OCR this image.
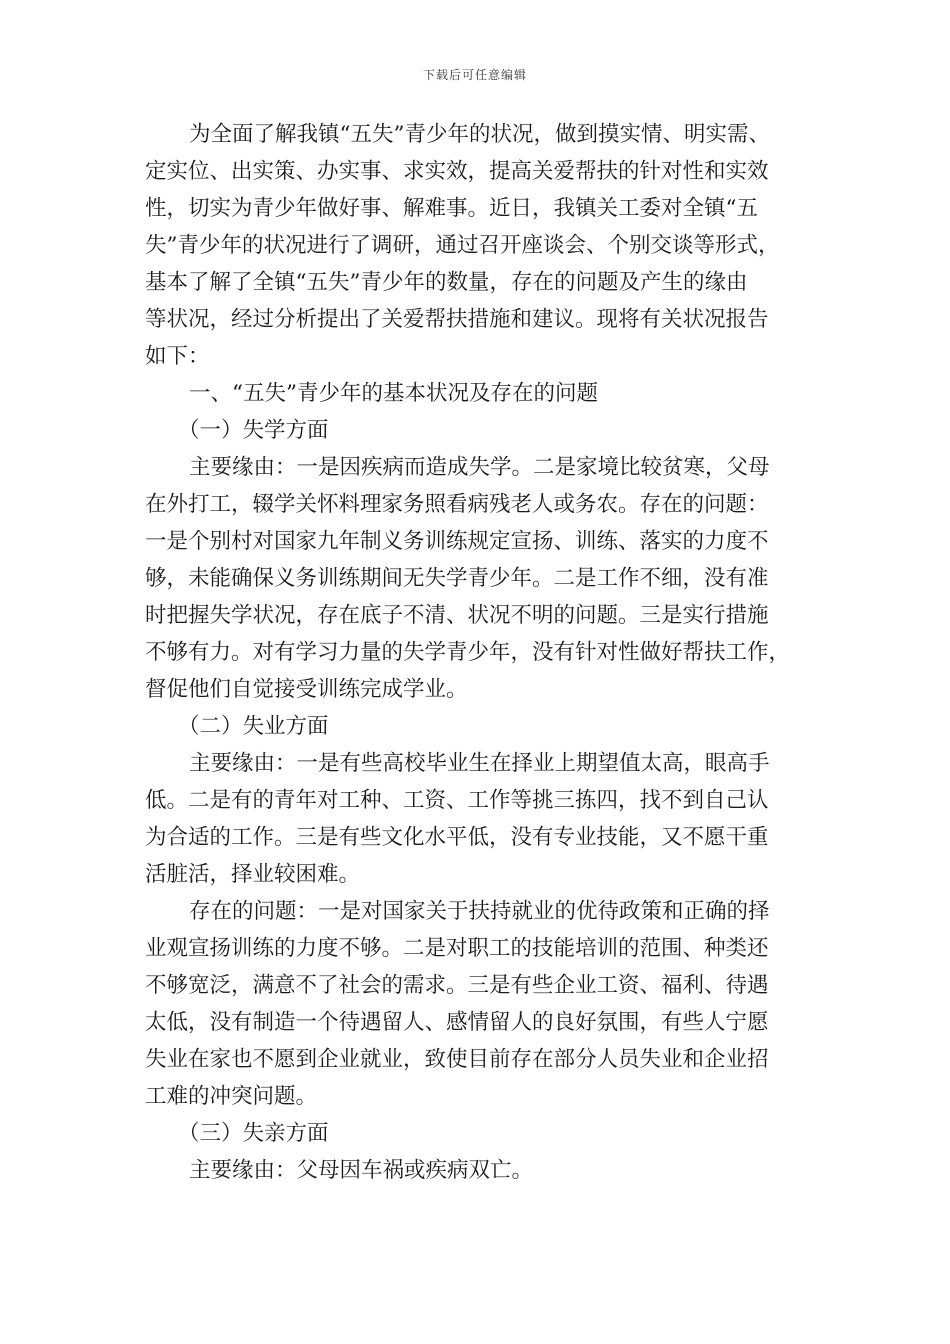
下载后可任意编辑
为全面了解我镇“五失”青少年的状况，做到摸实情、明实需、
定实位、出实策、办实事、求实效，提高关爱帮扶的针对性和实效
性，切实为青少年做好事、解难事。近日，我镇关工委对全镇“五
失”青少年的状况进行了调研，通过召开座谈会、个别交谈等形式，
基本了解了全镇“五失”青少年的数量，存在的问题及产生的缘由
等状况，经过分析提出了关爱帮扶措施和建议。现将有关状况报告
如下：
一、“五失”青少年的基本状况及存在的问题
（一）失学方面
主要缘由：一是因疾病而造成失学。二是家境比较贫寒，父母
在外打工，辍学关怀料理家务照看病残老人或务农。存在的问题：
一是个别村对国家九年制义务训练规定宣扬、训练、落实的力度不
够，未能确保义务训练期间无失学青少年。二是工作不细，没有准
时把握失学状况，存在底子不清、状况不明的问题。三是实行措施
不够有力。对有学习力量的失学青少年，没有针对性做好帮扶工作，
督促他们自觉接受训练完成学业。
（二）失业方面
主要缘由：一是有些高校毕业生在择业上期望值太高，眼高手
低。二是有的青年对工种、工资、工作等挑三拣四，找不到自己认
为合适的工作。三是有些文化水平低，没有专业技能，又不愿干重
活脏活，择业较困难。
存在的问题：一是对国家关于扶持就业的优待政策和正确的择
业观宣扬训练的力度不够。二是对职工的技能培训的范围、种类还
不够宽泛，满意不了社会的需求。三是有些企业工资、福利、待遇
太低，没有制造一个待遇留人、感情留人的良好氛围，有些人宁愿
失业在家也不愿到企业就业，致使目前存在部分人员失业和企业招
工难的冲突问题。
（三）失亲方面
主要缘由：父母因车祸或疾病双亡。
